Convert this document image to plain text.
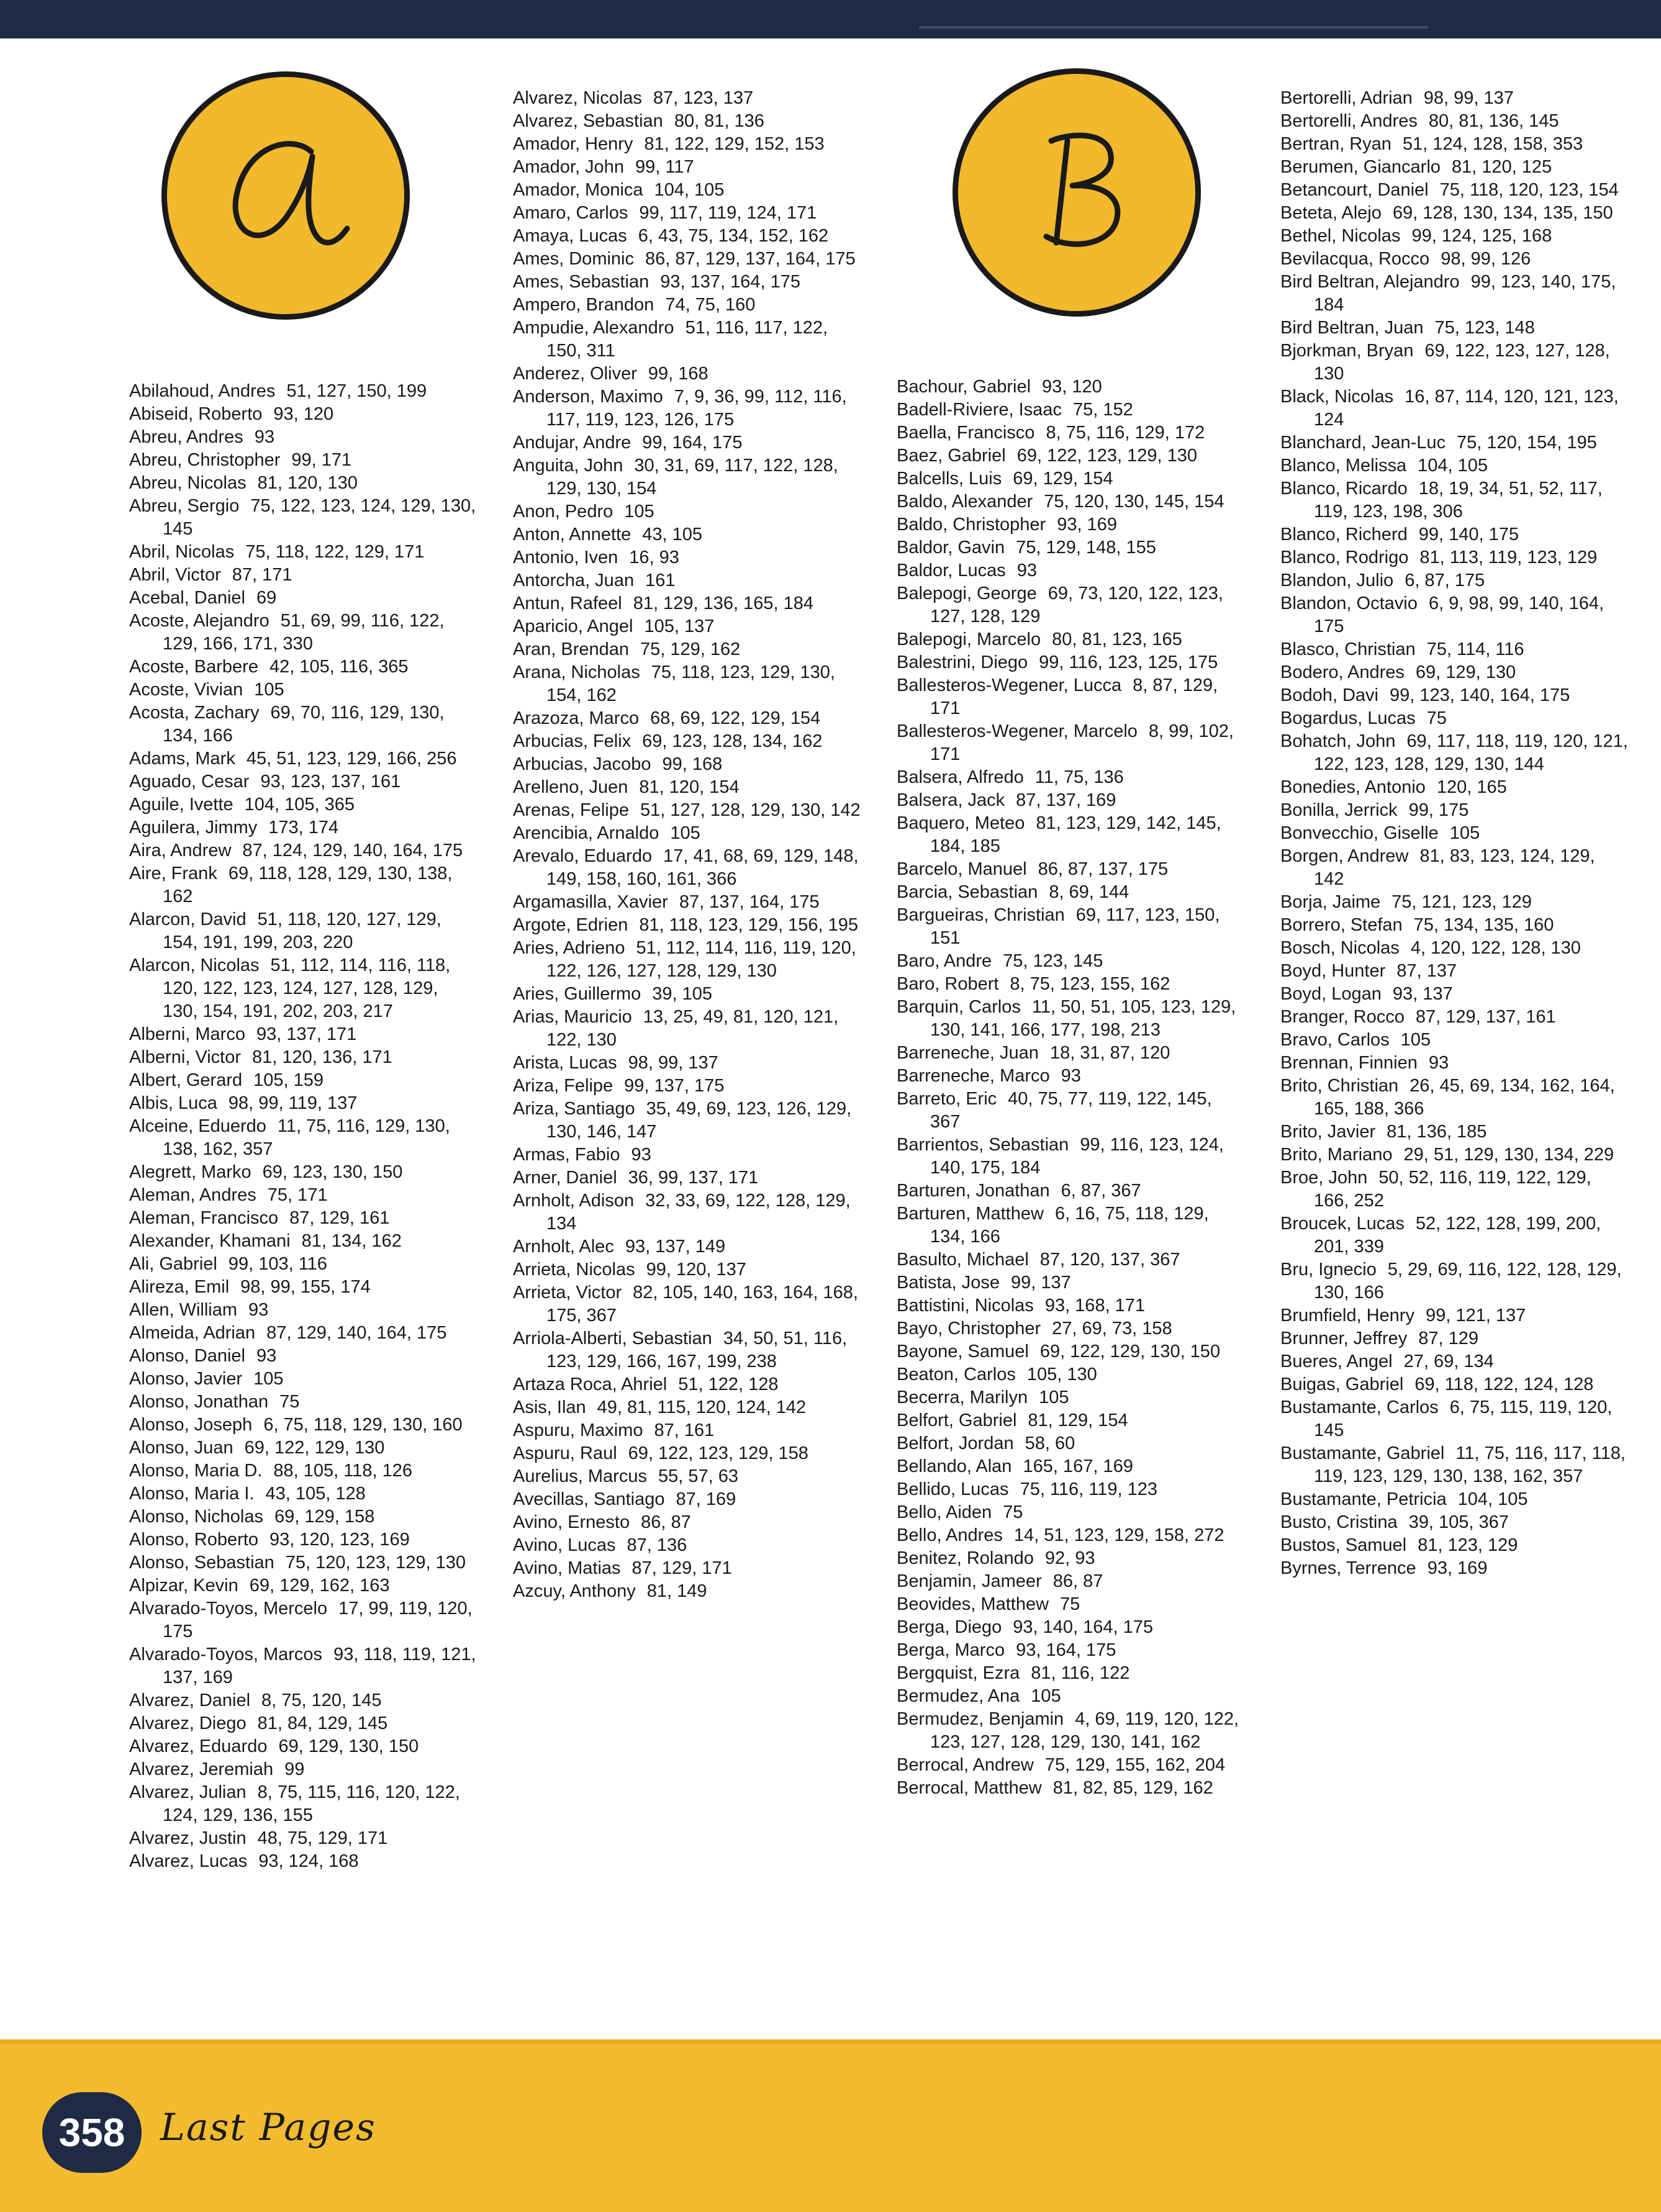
Abilahoud, Andres 51, 127, 150, 199

Abiseid, Roberto 93, 120

Abreu, Andres 93

Abreu, Christopher 99, 171

Abreu, Nicolas 81, 120, 130

Abreu, Sergio 75, 122, 123, 124, 129, 130, 145

Abril, Nicolas 75, 118, 122, 129, 171

Abril, Victor 87, 171

Acebal, Daniel 69

Acoste, Alejandro 51, 69, 99, 116, 122, 129, 166, 171, 330

Acoste, Barbere 42, 105, 116, 365

Acoste, Vivian 105

Acosta, Zachary 69, 70, 116, 129, 130, 134, 166

Adams, Mark 45, 51, 123, 129, 166, 256

Aguado, Cesar 93, 123, 137, 161

Aguile, Ivette 104, 105, 365

Aguilera, Jimmy 173, 174

Aira, Andrew 87, 124, 129, 140, 164, 175

Aire, Frank 69, 118, 128, 129, 130, 138, 162

Alarcon, David 51, 118, 120, 127, 129, 154, 191, 199, 203, 220

Alarcon, Nicolas 51, 112, 114, 116, 118, 120, 122, 123, 124, 127, 128, 129, 130, 154, 191, 202, 203, 217

Alberni, Marco 93, 137, 171

Alberni, Victor 81, 120, 136, 171

Albert, Gerard 105, 159

Albis, Luca 98, 99, 119, 137

Alceine, Eduerdo 11, 75, 116, 129, 130, 138, 162, 357

Alegrett, Marko 69, 123, 130, 150

Aleman, Andres 75, 171

Aleman, Francisco 87, 129, 161

Alexander, Khamani 81, 134, 162

Ali, Gabriel 99, 103, 116

Alireza, Emil 98, 99, 155, 174

Allen, William 93

Almeida, Adrian 87, 129, 140, 164, 175

Alonso, Daniel 93

Alonso, Javier 105

Alonso, Jonathan 75

Alonso, Joseph 6, 75, 118, 129, 130, 160

Alonso, Juan 69, 122, 129, 130

Alonso, Maria D. 88, 105, 118, 126

Alonso, Maria I. 43, 105, 128

Alonso, Nicholas 69, 129, 158

Alonso, Roberto 93, 120, 123, 169

Alonso, Sebastian 75, 120, 123, 129, 130

Alpizar, Kevin 69, 129, 162, 163

Alvarado-Toyos, Mercelo 17, 99, 119, 120, 175

Alvarado-Toyos, Marcos 93, 118, 119, 121, 137, 169

Alvarez, Daniel 8, 75, 120, 145

Alvarez, Diego 81, 84, 129, 145

Alvarez, Eduardo 69, 129, 130, 150

Alvarez, Jeremiah 99

Alvarez, Julian 8, 75, 115, 116, 120, 122, 124, 129, 136, 155

Alvarez, Justin 48, 75, 129, 171

Alvarez, Lucas 93, 124, 168

Alvarez, Nicolas 87, 123, 137

Alvarez, Sebastian 80, 81, 136

Amador, Henry 81, 122, 129, 152, 153

Amador, John 99, 117

Amador, Monica 104, 105

Amaro, Carlos 99, 117, 119, 124, 171

Amaya, Lucas 6, 43, 75, 134, 152, 162

Ames, Dominic 86, 87, 129, 137, 164, 175

Ames, Sebastian 93, 137, 164, 175

Ampero, Brandon 74, 75, 160

Ampudie, Alexandro 51, 116, 117, 122, 150, 311

Anderez, Oliver 99, 168

Anderson, Maximo 7, 9, 36, 99, 112, 116, 117, 119, 123, 126, 175

Andujar, Andre 99, 164, 175

Anguita, John 30, 31, 69, 117, 122, 128, 129, 130, 154

Anon, Pedro 105

Anton, Annette 43, 105

Antonio, Iven 16, 93

Antorcha, Juan 161

Antun, Rafeel 81, 129, 136, 165, 184

Aparicio, Angel 105, 137

Aran, Brendan 75, 129, 162

Arana, Nicholas 75, 118, 123, 129, 130, 154, 162

Arazoza, Marco 68, 69, 122, 129, 154

Arbucias, Felix 69, 123, 128, 134, 162

Arbucias, Jacobo 99, 168

Arelleno, Juen 81, 120, 154

Arenas, Felipe 51, 127, 128, 129, 130, 142

Arencibia, Arnaldo 105

Arevalo, Eduardo 17, 41, 68, 69, 129, 148, 149, 158, 160, 161, 366

Argamasilla, Xavier 87, 137, 164, 175

Argote, Edrien 81, 118, 123, 129, 156, 195

Aries, Adrieno 51, 112, 114, 116, 119, 120, 122, 126, 127, 128, 129, 130

Aries, Guillermo 39, 105

Arias, Mauricio 13, 25, 49, 81, 120, 121, 122, 130

Arista, Lucas 98, 99, 137

Ariza, Felipe 99, 137, 175

Ariza, Santiago 35, 49, 69, 123, 126, 129, 130, 146, 147

Armas, Fabio 93

Arner, Daniel 36, 99, 137, 171

Arnholt, Adison 32, 33, 69, 122, 128, 129, 134

Arnholt, Alec 93, 137, 149

Arrieta, Nicolas 99, 120, 137

Arrieta, Victor 82, 105, 140, 163, 164, 168, 175, 367

Arriola-Alberti, Sebastian 34, 50, 51, 116, 123, 129, 166, 167, 199, 238

Artaza Roca, Ahriel 51, 122, 128

Asis, Ilan 49, 81, 115, 120, 124, 142

Aspuru, Maximo 87, 161

Aspuru, Raul 69, 122, 123, 129, 158

Aurelius, Marcus 55, 57, 63

Avecillas, Santiago 87, 169

Avino, Ernesto 86, 87

Avino, Lucas 87, 136

Avino, Matias 87, 129, 171

Azcuy, Anthony 81, 149

Bachour, Gabriel 93, 120

Badell-Riviere, Isaac 75, 152

Baella, Francisco 8, 75, 116, 129, 172

Baez, Gabriel 69, 122, 123, 129, 130

Balcells, Luis 69, 129, 154

Baldo, Alexander 75, 120, 130, 145, 154

Baldo, Christopher 93, 169

Baldor, Gavin 75, 129, 148, 155

Baldor, Lucas 93

Balepogi, George 69, 73, 120, 122, 123, 127, 128, 129

Balepogi, Marcelo 80, 81, 123, 165

Balestrini, Diego 99, 116, 123, 125, 175

Ballesteros-Wegener, Lucca 8, 87, 129, 171

Ballesteros-Wegener, Marcelo 8, 99, 102, 171

Balsera, Alfredo 11, 75, 136

Balsera, Jack 87, 137, 169

Baquero, Meteo 81, 123, 129, 142, 145, 184, 185

Barcelo, Manuel 86, 87, 137, 175

Barcia, Sebastian 8, 69, 144

Bargueiras, Christian 69, 117, 123, 150, 151

Baro, Andre 75, 123, 145

Baro, Robert 8, 75, 123, 155, 162

Barquin, Carlos 11, 50, 51, 105, 123, 129, 130, 141, 166, 177, 198, 213

Barreneche, Juan 18, 31, 87, 120

Barreneche, Marco 93

Barreto, Eric 40, 75, 77, 119, 122, 145, 367

Barrientos, Sebastian 99, 116, 123, 124, 140, 175, 184

Barturen, Jonathan 6, 87, 367

Barturen, Matthew 6, 16, 75, 118, 129, 134, 166

Basulto, Michael 87, 120, 137, 367

Batista, Jose 99, 137

Battistini, Nicolas 93, 168, 171

Bayo, Christopher 27, 69, 73, 158

Bayone, Samuel 69, 122, 129, 130, 150

Beaton, Carlos 105, 130

Becerra, Marilyn 105

Belfort, Gabriel 81, 129, 154

Belfort, Jordan 58, 60

Bellando, Alan 165, 167, 169

Bellido, Lucas 75, 116, 119, 123

Bello, Aiden 75

Bello, Andres 14, 51, 123, 129, 158, 272

Benitez, Rolando 92, 93

Benjamin, Jameer 86, 87

Beovides, Matthew 75

Berga, Diego 93, 140, 164, 175

Berga, Marco 93, 164, 175

Bergquist, Ezra 81, 116, 122

Bermudez, Ana 105

Bermudez, Benjamin 4, 69, 119, 120, 122, 123, 127, 128, 129, 130, 141, 162

Berrocal, Andrew 75, 129, 155, 162, 204

Berrocal, Matthew 81, 82, 85, 129, 162

Bertorelli, Adrian 98, 99, 137

Bertorelli, Andres 80, 81, 136, 145

Bertran, Ryan 51, 124, 128, 158, 353

Berumen, Giancarlo 81, 120, 125

Betancourt, Daniel 75, 118, 120, 123, 154

Beteta, Alejo 69, 128, 130, 134, 135, 150

Bethel, Nicolas 99, 124, 125, 168

Bevilacqua, Rocco 98, 99, 126

Bird Beltran, Alejandro 99, 123, 140, 175, 184

Bird Beltran, Juan 75, 123, 148

Bjorkman, Bryan 69, 122, 123, 127, 128, 130

Black, Nicolas 16, 87, 114, 120, 121, 123, 124

Blanchard, Jean-Luc 75, 120, 154, 195

Blanco, Melissa 104, 105

Blanco, Ricardo 18, 19, 34, 51, 52, 117, 119, 123, 198, 306

Blanco, Richerd 99, 140, 175

Blanco, Rodrigo 81, 113, 119, 123, 129

Blandon, Julio 6, 87, 175

Blandon, Octavio 6, 9, 98, 99, 140, 164, 175

Blasco, Christian 75, 114, 116

Bodero, Andres 69, 129, 130

Bodoh, Davi 99, 123, 140, 164, 175

Bogardus, Lucas 75

Bohatch, John 69, 117, 118, 119, 120, 121, 122, 123, 128, 129, 130, 144

Bonedies, Antonio 120, 165

Bonilla, Jerrick 99, 175

Bonvecchio, Giselle 105

Borgen, Andrew 81, 83, 123, 124, 129, 142

Borja, Jaime 75, 121, 123, 129

Borrero, Stefan 75, 134, 135, 160

Bosch, Nicolas 4, 120, 122, 128, 130

Boyd, Hunter 87, 137

Boyd, Logan 93, 137

Branger, Rocco 87, 129, 137, 161

Bravo, Carlos 105

Brennan, Finnien 93

Brito, Christian 26, 45, 69, 134, 162, 164, 165, 188, 366

Brito, Javier 81, 136, 185

Brito, Mariano 29, 51, 129, 130, 134, 229

Broe, John 50, 52, 116, 119, 122, 129, 166, 252

Broucek, Lucas 52, 122, 128, 199, 200, 201, 339

Bru, Ignecio 5, 29, 69, 116, 122, 128, 129, 130, 166

Brumfield, Henry 99, 121, 137

Brunner, Jeffrey 87, 129

Bueres, Angel 27, 69, 134

Buigas, Gabriel 69, 118, 122, 124, 128

Bustamante, Carlos 6, 75, 115, 119, 120, 145

Bustamante, Gabriel 11, 75, 116, 117, 118, 119, 123, 129, 130, 138, 162, 357

Bustamante, Petricia 104, 105

Busto, Cristina 39, 105, 367

Bustos, Samuel 81, 123, 129

Byrnes, Terrence 93, 169

358 Last Pages
